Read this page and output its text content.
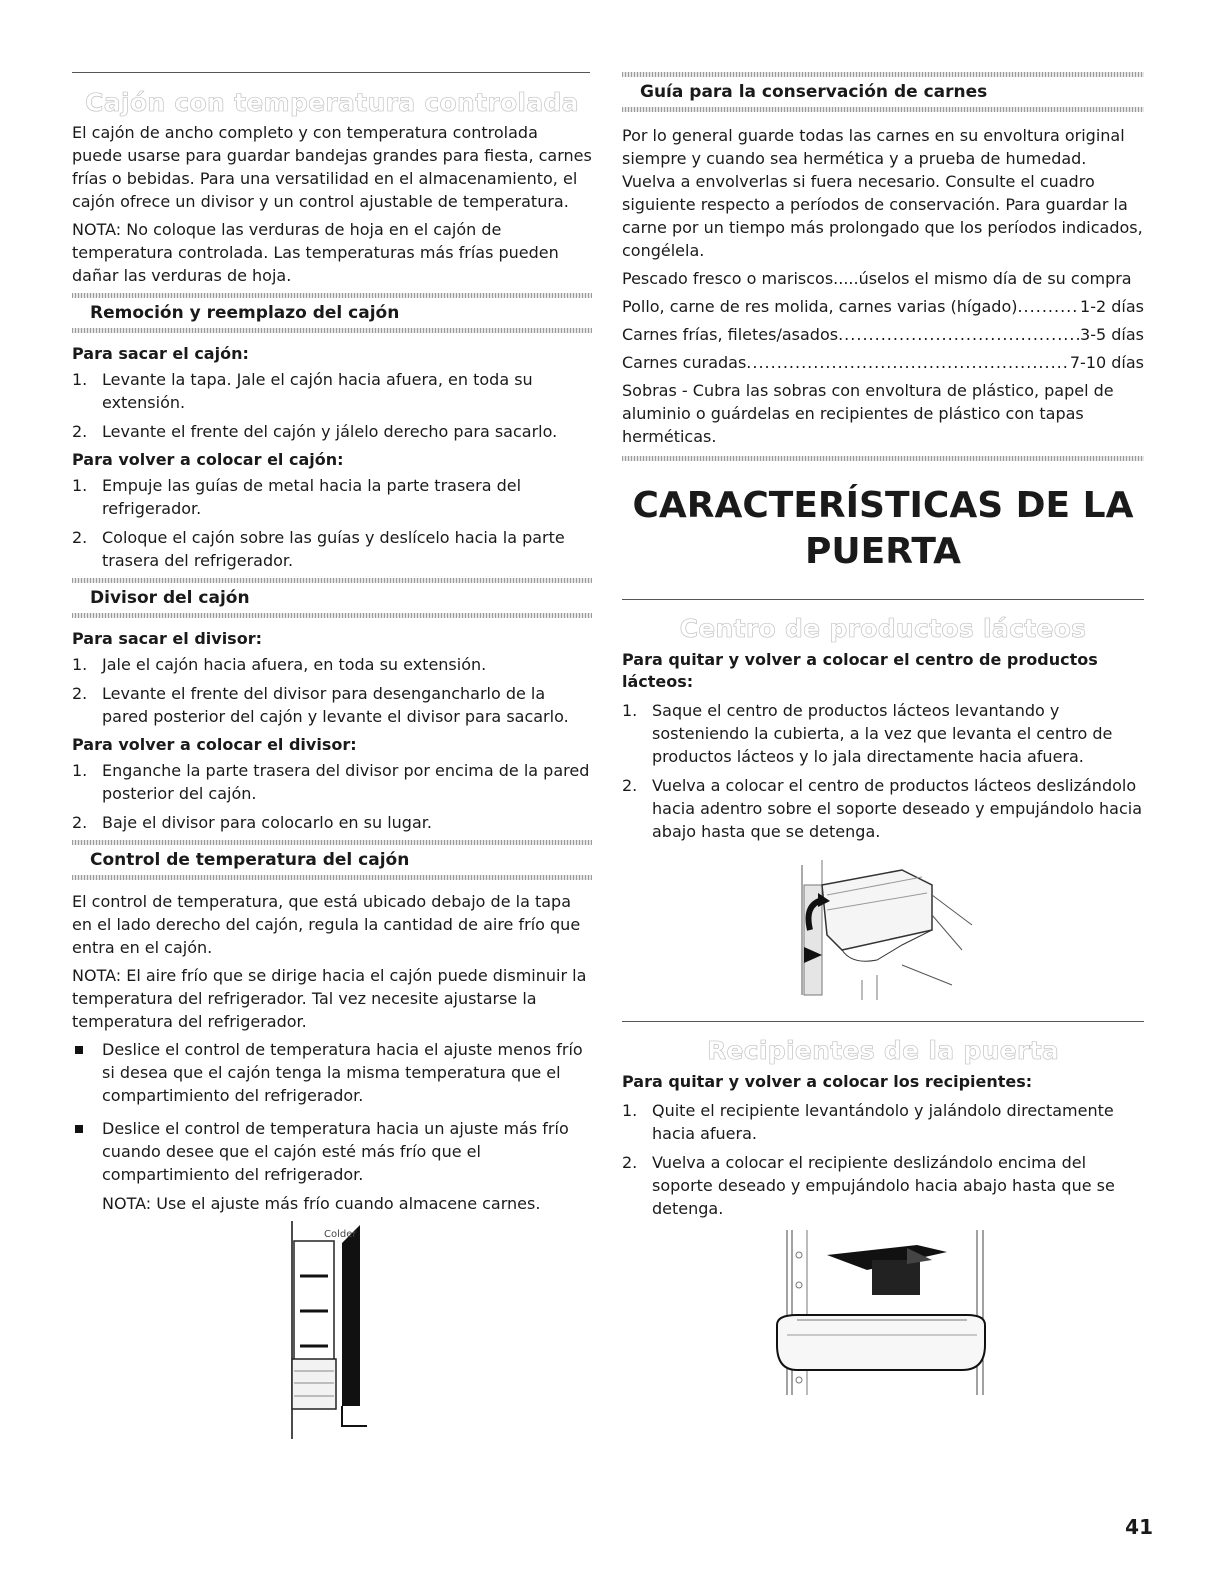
Cajón con temperatura controlada

El cajón de ancho completo y con temperatura controlada puede usarse para guardar bandejas grandes para fiesta, carnes frías o bebidas. Para una versatilidad en el almacenamiento, el cajón ofrece un divisor y un control ajustable de temperatura.

NOTA: No coloque las verduras de hoja en el cajón de temperatura controlada. Las temperaturas más frías pueden dañar las verduras de hoja.

Remoción y reemplazo del cajón
Para sacar el cajón:
1. Levante la tapa. Jale el cajón hacia afuera, en toda su extensión.
2. Levante el frente del cajón y jálelo derecho para sacarlo.
Para volver a colocar el cajón:
1. Empuje las guías de metal hacia la parte trasera del refrigerador.
2. Coloque el cajón sobre las guías y deslícelo hacia la parte trasera del refrigerador.
Divisor del cajón
Para sacar el divisor:
1. Jale el cajón hacia afuera, en toda su extensión.
2. Levante el frente del divisor para desengancharlo de la pared posterior del cajón y levante el divisor para sacarlo.
Para volver a colocar el divisor:
1. Enganche la parte trasera del divisor por encima de la pared posterior del cajón.
2. Baje el divisor para colocarlo en su lugar.
Control de temperatura del cajón

El control de temperatura, que está ubicado debajo de la tapa en el lado derecho del cajón, regula la cantidad de aire frío que entra en el cajón.

NOTA: El aire frío que se dirige hacia el cajón puede disminuir la temperatura del refrigerador. Tal vez necesite ajustarse la temperatura del refrigerador.

Deslice el control de temperatura hacia el ajuste menos frío si desea que el cajón tenga la misma temperatura que el compartimiento del refrigerador.
Deslice el control de temperatura hacia un ajuste más frío cuando desee que el cajón esté más frío que el compartimiento del refrigerador.

NOTA: Use el ajuste más frío cuando almacene carnes.

Colder
Guía para la conservación de carnes

Por lo general guarde todas las carnes en su envoltura original siempre y cuando sea hermética y a prueba de humedad. Vuelva a envolverlas si fuera necesario. Consulte el cuadro siguiente respecto a períodos de conservación. Para guardar la carne por un tiempo más prolongado que los períodos indicados, congélela.

Pescado fresco o mariscos.....úselos el mismo día de su compra

Pollo, carne de res molida, carnes varias (hígado) .....	1-2 días
Carnes frías, filetes/asados .....	3-5 días
Carnes curadas .....	7-10 días

Sobras - Cubra las sobras con envoltura de plástico, papel de aluminio o guárdelas en recipientes de plástico con tapas herméticas.

CARACTERÍSTICAS DE LA

PUERTA

Centro de productos lácteos
Para quitar y volver a colocar el centro de productos lácteos:
1. Saque el centro de productos lácteos levantando y sosteniendo la cubierta, a la vez que levanta el centro de productos lácteos y lo jala directamente hacia afuera.
2. Vuelva a colocar el centro de productos lácteos deslizándolo hacia adentro sobre el soporte deseado y empujándolo hacia abajo hasta que se detenga.
Recipientes de la puerta
Para quitar y volver a colocar los recipientes:
1. Quite el recipiente levantándolo y jalándolo directamente hacia afuera.
2. Vuelva a colocar el recipiente deslizándolo encima del soporte deseado y empujándolo hacia abajo hasta que se detenga.
41
